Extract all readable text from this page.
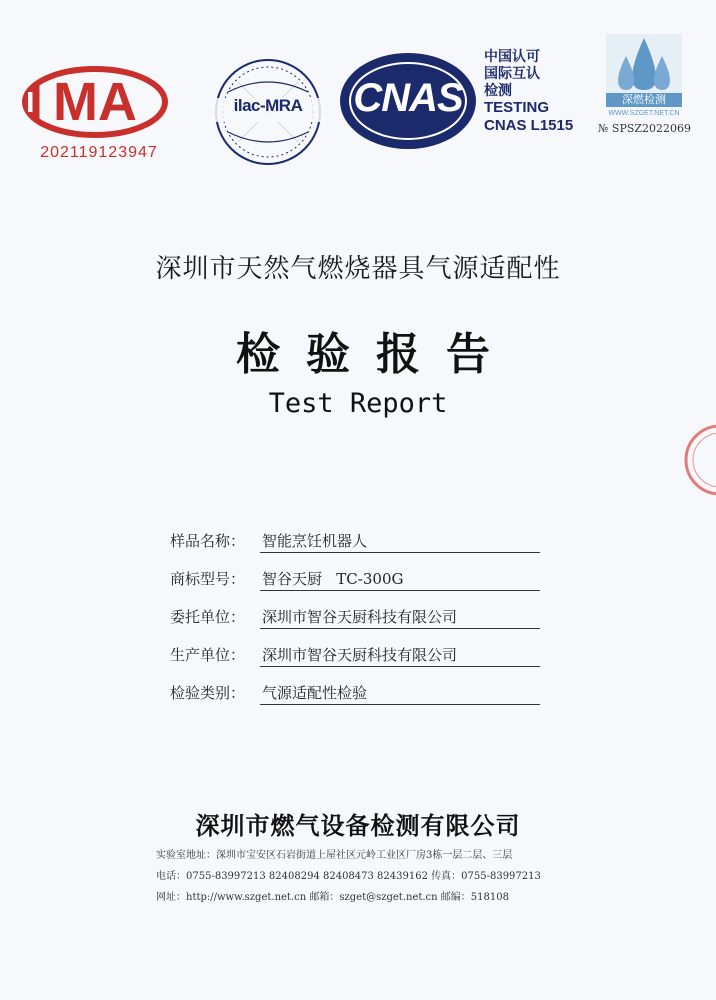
MA
202119123947
ilac-MRA	CNAS
中国认可
国际互认
检测
TESTING
CNAS L1515
深燃检测
WWW.SZGET.NET.CN
№ SPSZ2022069
深圳市天然气燃烧器具气源适配性
检验报告
Test Report
样品名称： 智能烹饪机器人
商标型号： 智谷天厨   TC-300G
委托单位： 深圳市智谷天厨科技有限公司
生产单位： 深圳市智谷天厨科技有限公司
检验类别： 气源适配性检验
深圳市燃气设备检测有限公司
实验室地址：深圳市宝安区石岩街道上屋社区元岭工业区厂房3栋一层二层、三层
电话：0755-83997213 82408294 82408473 82439162 传真：0755-83997213
网址：http://www.szget.net.cn 邮箱：szget@szget.net.cn 邮编：518108
